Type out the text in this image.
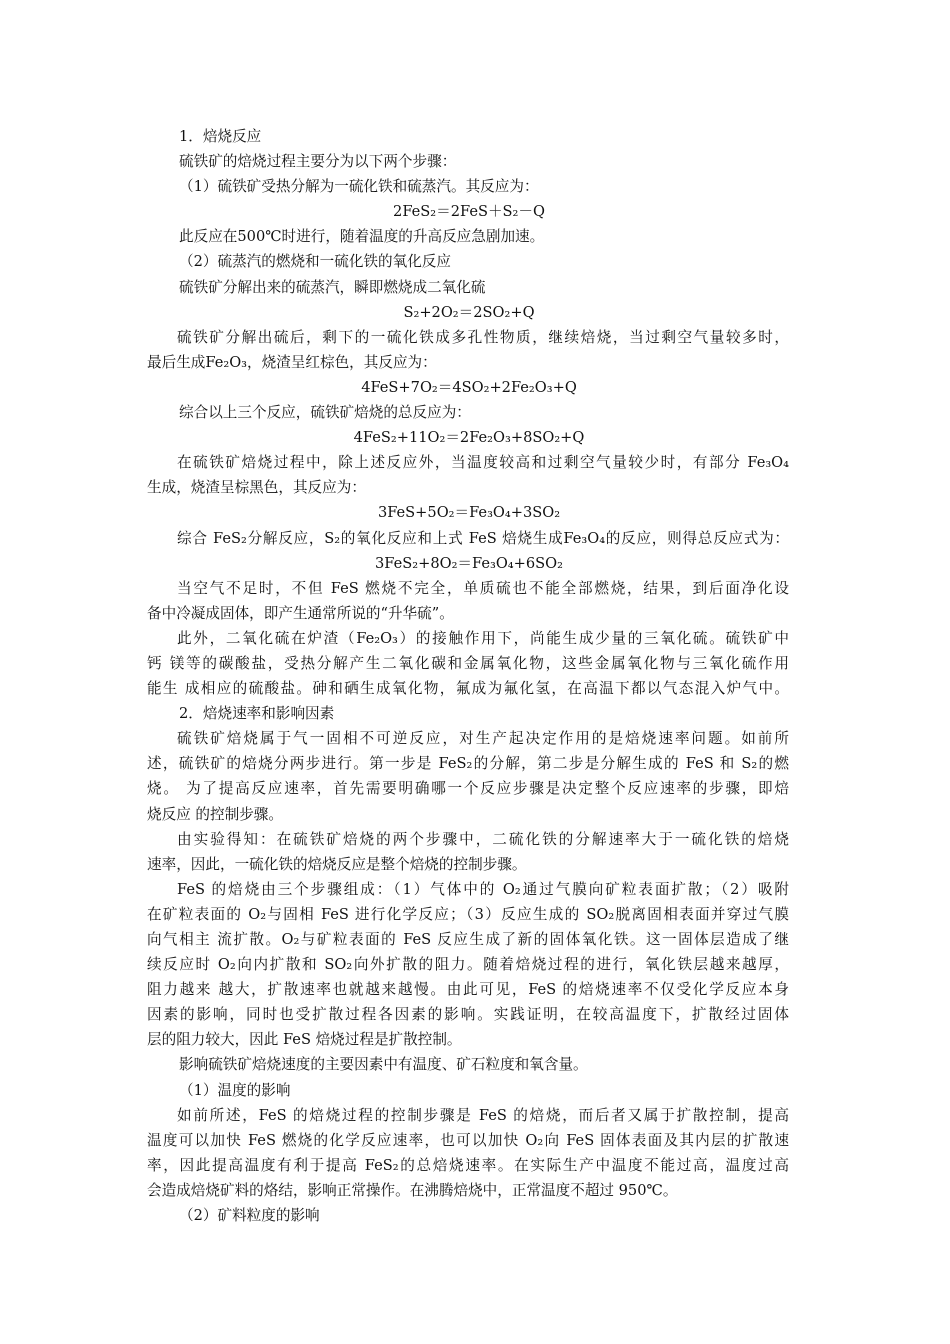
1．焙烧反应
硫铁矿的焙烧过程主要分为以下两个步骤：
（1）硫铁矿受热分解为一硫化铁和硫蒸汽。其反应为：
2FeS₂＝2FeS＋S₂－Q
此反应在500℃时进行，随着温度的升高反应急剧加速。
（2）硫蒸汽的燃烧和一硫化铁的氧化反应
硫铁矿分解出来的硫蒸汽，瞬即燃烧成二氧化硫
S₂+2O₂＝2SO₂+Q
硫铁矿分解出硫后，剩下的一硫化铁成多孔性物质，继续焙烧，当过剩空气量较多时，
最后生成Fe₂O₃，烧渣呈红棕色，其反应为：
4FeS+7O₂＝4SO₂+2Fe₂O₃+Q
综合以上三个反应，硫铁矿焙烧的总反应为：
4FeS₂+11O₂＝2Fe₂O₃+8SO₂+Q
在硫铁矿焙烧过程中，除上述反应外，当温度较高和过剩空气量较少时，有部分 Fe₃O₄
生成，烧渣呈棕黑色，其反应为：
3FeS+5O₂＝Fe₃O₄+3SO₂
综合 FeS₂分解反应，S₂的氧化反应和上式 FeS 焙烧生成Fe₃O₄的反应，则得总反应式为：
3FeS₂+8O₂＝Fe₃O₄+6SO₂
当空气不足时，不但 FeS 燃烧不完全，单质硫也不能全部燃烧，结果，到后面净化设
备中冷凝成固体，即产生通常所说的“升华硫”。
此外，二氧化硫在炉渣（Fe₂O₃）的接触作用下，尚能生成少量的三氧化硫。硫铁矿中
钙 镁等的碳酸盐，受热分解产生二氧化碳和金属氧化物，这些金属氧化物与三氧化硫作用
能生 成相应的硫酸盐。砷和硒生成氧化物，氟成为氟化氢，在高温下都以气态混入炉气中。
2．焙烧速率和影响因素
硫铁矿焙烧属于气一固相不可逆反应，对生产起决定作用的是焙烧速率问题。如前所
述，硫铁矿的焙烧分两步进行。第一步是 FeS₂的分解，第二步是分解生成的 FeS 和 S₂的燃
烧。 为了提高反应速率，首先需要明确哪一个反应步骤是决定整个反应速率的步骤，即焙
烧反应 的控制步骤。
由实验得知：在硫铁矿焙烧的两个步骤中，二硫化铁的分解速率大于一硫化铁的焙烧
速率，因此，一硫化铁的焙烧反应是整个焙烧的控制步骤。
FeS 的焙烧由三个步骤组成：（1）气体中的 O₂通过气膜向矿粒表面扩散；（2）吸附
在矿粒表面的 O₂与固相 FeS 进行化学反应；（3）反应生成的 SO₂脱离固相表面并穿过气膜
向气相主 流扩散。O₂与矿粒表面的 FeS 反应生成了新的固体氧化铁。这一固体层造成了继
续反应时 O₂向内扩散和 SO₂向外扩散的阻力。随着焙烧过程的进行，氧化铁层越来越厚，
阻力越来 越大，扩散速率也就越来越慢。由此可见，FeS 的焙烧速率不仅受化学反应本身
因素的影响，同时也受扩散过程各因素的影响。实践证明，在较高温度下，扩散经过固体
层的阻力较大，因此 FeS 焙烧过程是扩散控制。
影响硫铁矿焙烧速度的主要因素中有温度、矿石粒度和氧含量。
（1）温度的影响
如前所述，FeS 的焙烧过程的控制步骤是 FeS 的焙烧，而后者又属于扩散控制，提高
温度可以加快 FeS 燃烧的化学反应速率，也可以加快 O₂向 FeS 固体表面及其内层的扩散速
率，因此提高温度有利于提高 FeS₂的总焙烧速率。在实际生产中温度不能过高，温度过高
会造成焙烧矿料的烙结，影响正常操作。在沸腾焙烧中，正常温度不超过 950℃。
（2）矿料粒度的影响
